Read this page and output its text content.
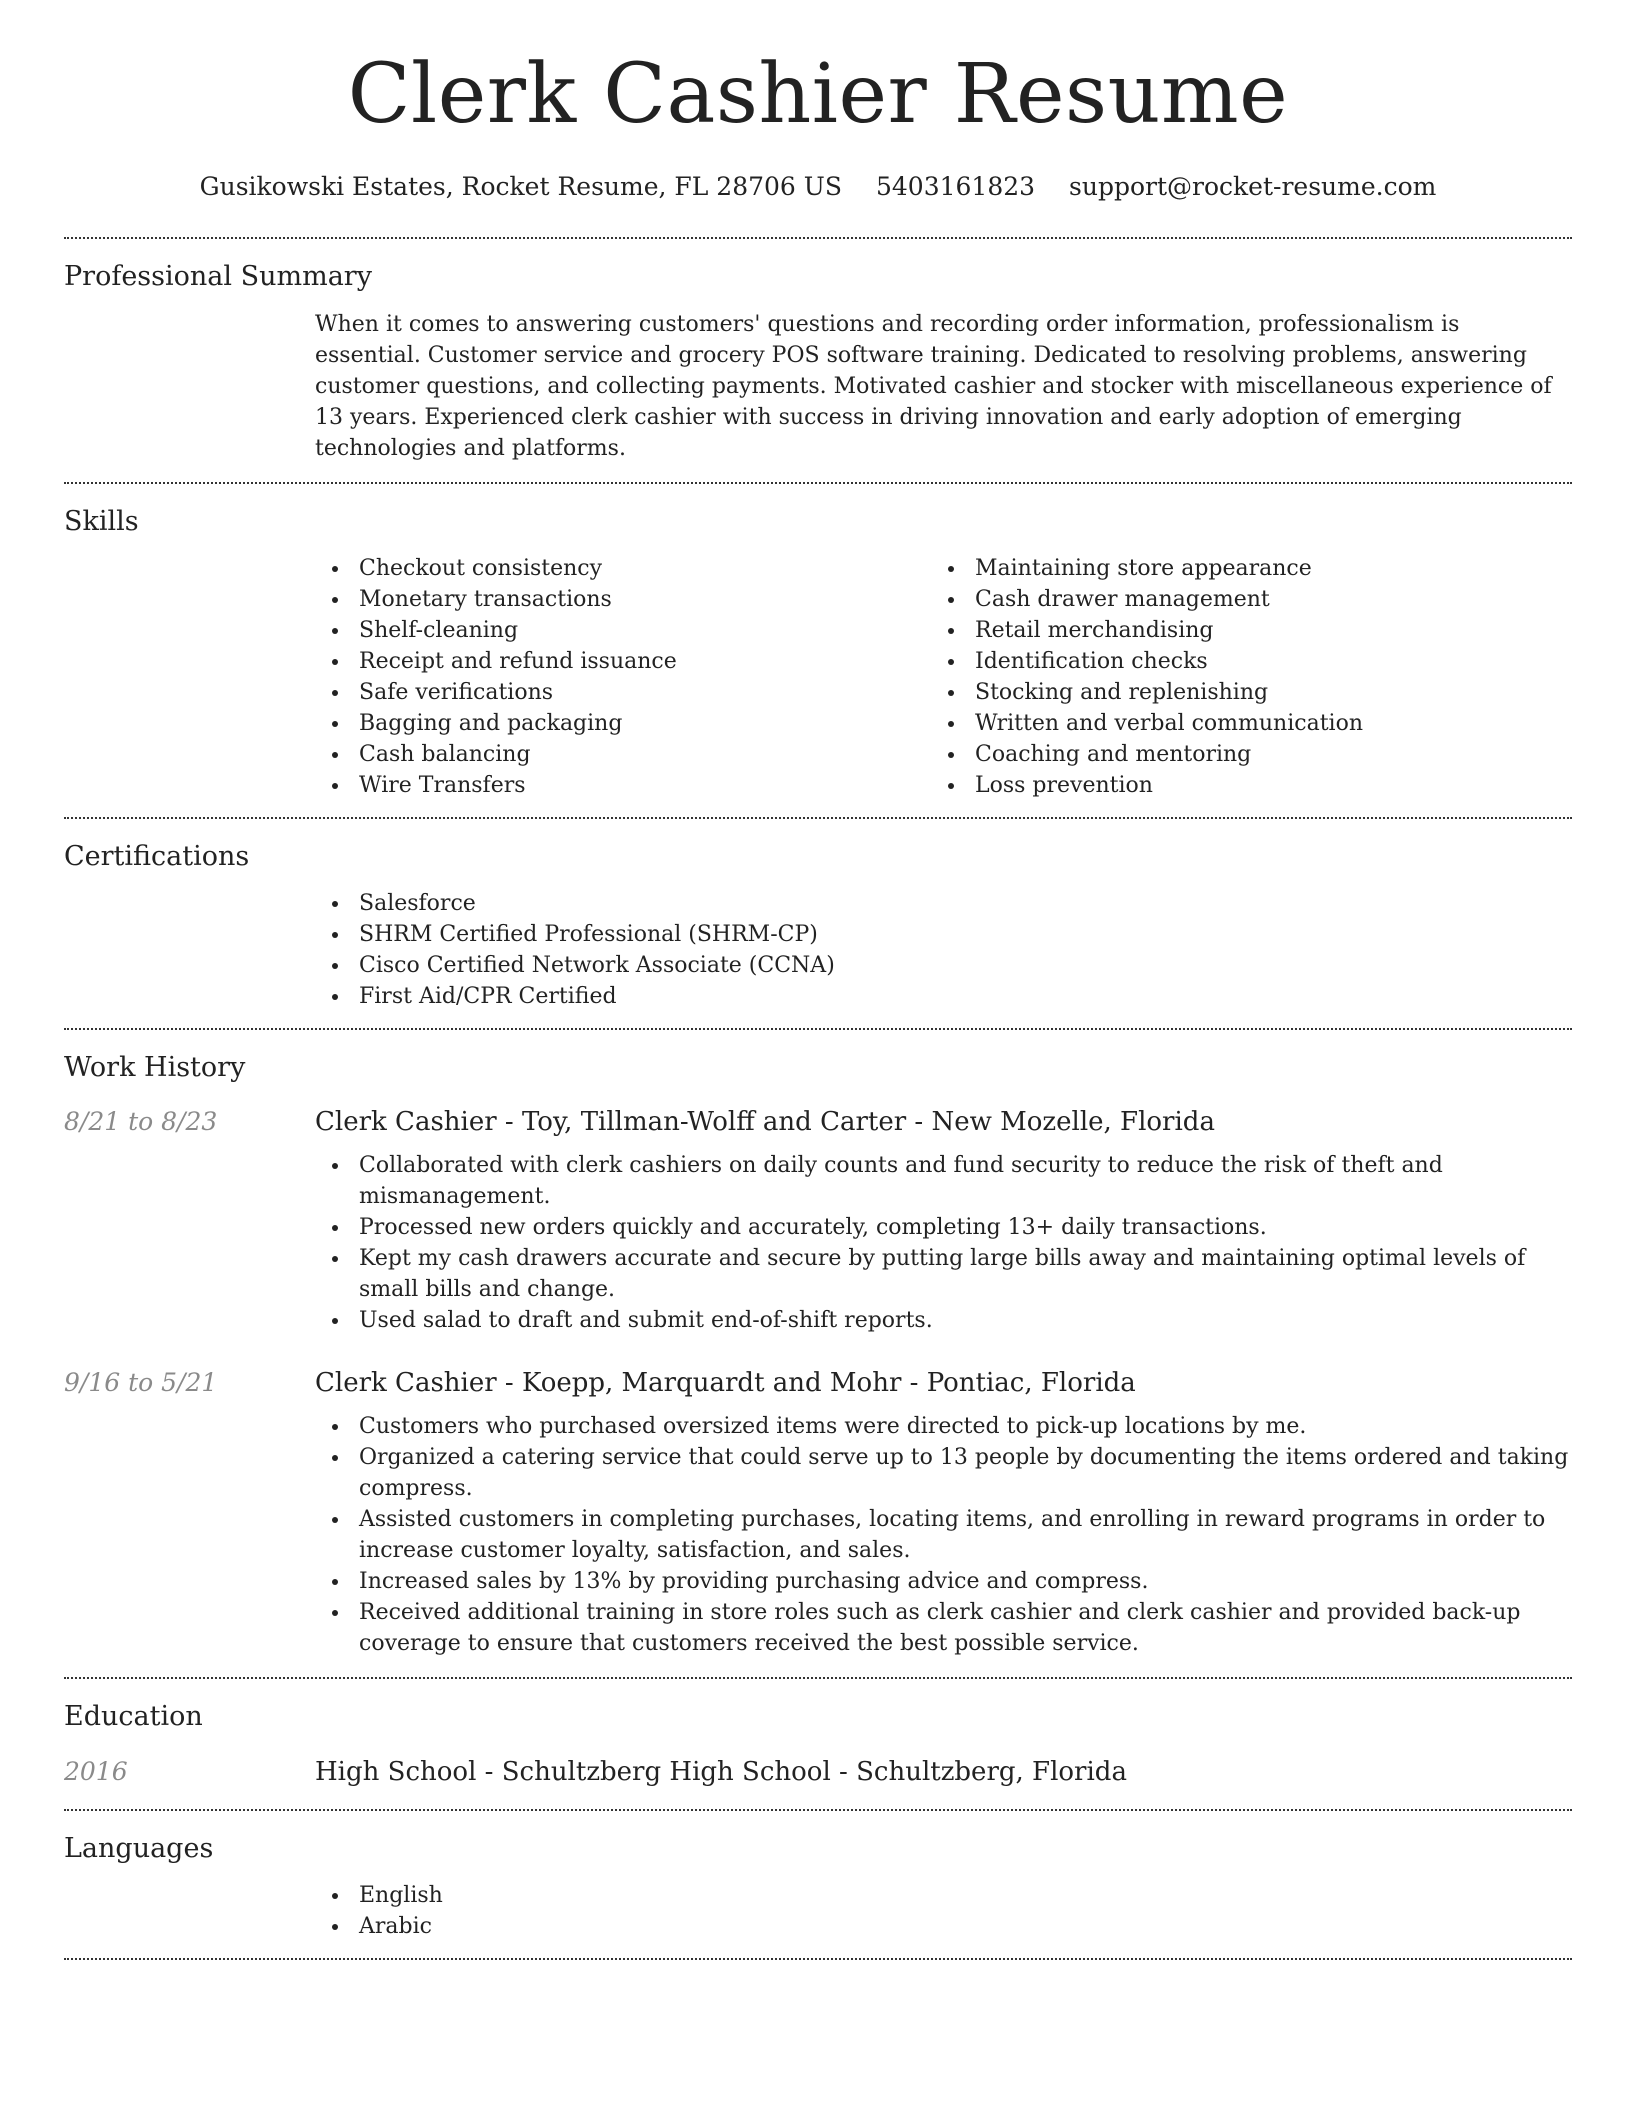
Clerk Cashier Resume
Gusikowski Estates, Rocket Resume, FL 28706 US 5403161823 support@rocket-resume.com
Professional Summary

When it comes to answering customers' questions and recording order information, professionalism is essential. Customer service and grocery POS software training. Dedicated to resolving problems, answering customer questions, and collecting payments. Motivated cashier and stocker with miscellaneous experience of 13 years. Experienced clerk cashier with success in driving innovation and early adoption of emerging technologies and platforms.

Skills
Checkout consistency
Monetary transactions
Shelf-cleaning
Receipt and refund issuance
Safe verifications
Bagging and packaging
Cash balancing
Wire Transfers
Maintaining store appearance
Cash drawer management
Retail merchandising
Identification checks
Stocking and replenishing
Written and verbal communication
Coaching and mentoring
Loss prevention
Certifications
Salesforce
SHRM Certified Professional (SHRM-CP)
Cisco Certified Network Associate (CCNA)
First Aid/CPR Certified
Work History
8/21 to 8/23	Clerk Cashier - Toy, Tillman-Wolff and Carter - New Mozelle, Florida
Collaborated with clerk cashiers on daily counts and fund security to reduce the risk of theft and mismanagement.
Processed new orders quickly and accurately, completing 13+ daily transactions.
Kept my cash drawers accurate and secure by putting large bills away and maintaining optimal levels of small bills and change.
Used salad to draft and submit end-of-shift reports.
9/16 to 5/21	Clerk Cashier - Koepp, Marquardt and Mohr - Pontiac, Florida
Customers who purchased oversized items were directed to pick-up locations by me.
Organized a catering service that could serve up to 13 people by documenting the items ordered and taking compress.
Assisted customers in completing purchases, locating items, and enrolling in reward programs in order to increase customer loyalty, satisfaction, and sales.
Increased sales by 13% by providing purchasing advice and compress.
Received additional training in store roles such as clerk cashier and clerk cashier and provided back-up coverage to ensure that customers received the best possible service.
Education
2016	High School - Schultzberg High School - Schultzberg, Florida
Languages
English
Arabic
